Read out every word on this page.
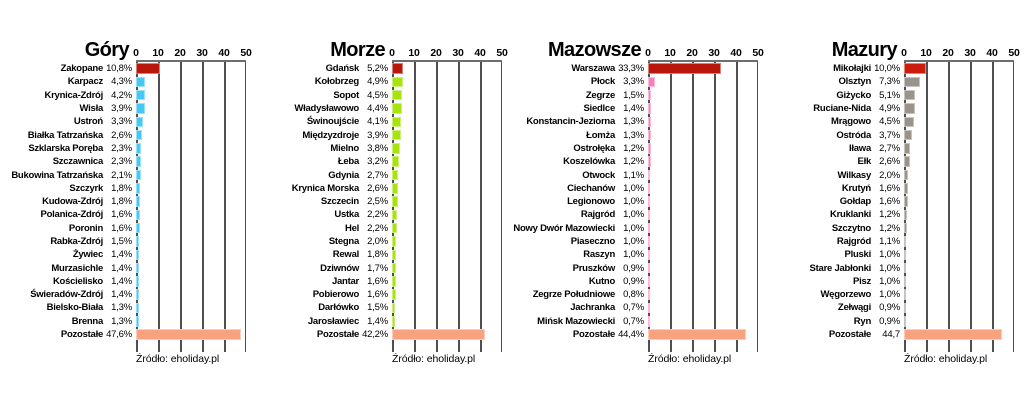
Góry 0 10 20 30 40 50
Zakopane 10,8%
Karpacz 4,3%
Krynica-Zdrój 4,2%
Wisła 3,9%
Ustroń 3,3%
Białka Tatrzańska 2,6%
Szklarska Poręba 2,3%
Szczawnica 2,3%
Bukowina Tatrzańska 2,1%
Szczyrk 1,8%
Kudowa-Zdrój 1,8%
Polanica-Zdrój 1,6%
Poronin 1,6%
Rabka-Zdrój 1,5%
Żywiec 1,4%
Murzasichle 1,4%
Kościelisko 1,4%
Świeradów-Zdrój 1,4%
Bielsko-Biała 1,3%
Brenna 1,3%
Pozostałe 47,6%
Źródło: eholiday.pl
Morze 0 10 20 30 40 50
Gdańsk 5,2%
Kołobrzeg 4,9%
Sopot 4,5%
Władysławowo 4,4%
Świnoujście 4,1%
Międzyzdroje 3,9%
Mielno 3,8%
Łeba 3,2%
Gdynia 2,7%
Krynica Morska 2,6%
Szczecin 2,5%
Ustka 2,2%
Hel 2,2%
Stegna 2,0%
Rewal 1,8%
Dziwnów 1,7%
Jantar 1,6%
Pobierowo 1,6%
Darłówko 1,5%
Jarosławiec 1,4%
Pozostałe 42,2%
Źródło: eholiday.pl
Mazowsze 0 10 20 30 40 50
Warszawa 33,3%
Płock 3,3%
Zegrze 1,5%
Siedlce 1,4%
Konstancin-Jeziorna 1,3%
Łomża 1,3%
Ostrołęka 1,2%
Koszelówka 1,2%
Otwock 1,1%
Ciechanów 1,0%
Legionowo 1,0%
Rajgród 1,0%
Nowy Dwór Mazowiecki 1,0%
Piaseczno 1,0%
Raszyn 1,0%
Pruszków 0,9%
Kutno 0,9%
Zegrze Południowe 0,8%
Jachranka 0,7%
Mińsk Mazowiecki 0,7%
Pozostałe 44,4%
Źródło: eholiday.pl
Mazury 0 10 20 30 40 50
Mikołajki 10,0%
Olsztyn 7,3%
Giżycko 5,1%
Ruciane-Nida 4,9%
Mrągowo 4,5%
Ostróda 3,7%
Iława 2,7%
Ełk 2,6%
Wilkasy 2,0%
Krutyń 1,6%
Gołdap 1,6%
Kruklanki 1,2%
Szczytno 1,2%
Rajgród 1,1%
Pluski 1,0%
Stare Jabłonki 1,0%
Pisz 1,0%
Węgorzewo 1,0%
Zełwągi 0,9%
Ryn 0,9%
Pozostałe	44,7
Źródło: eholiday.pl
